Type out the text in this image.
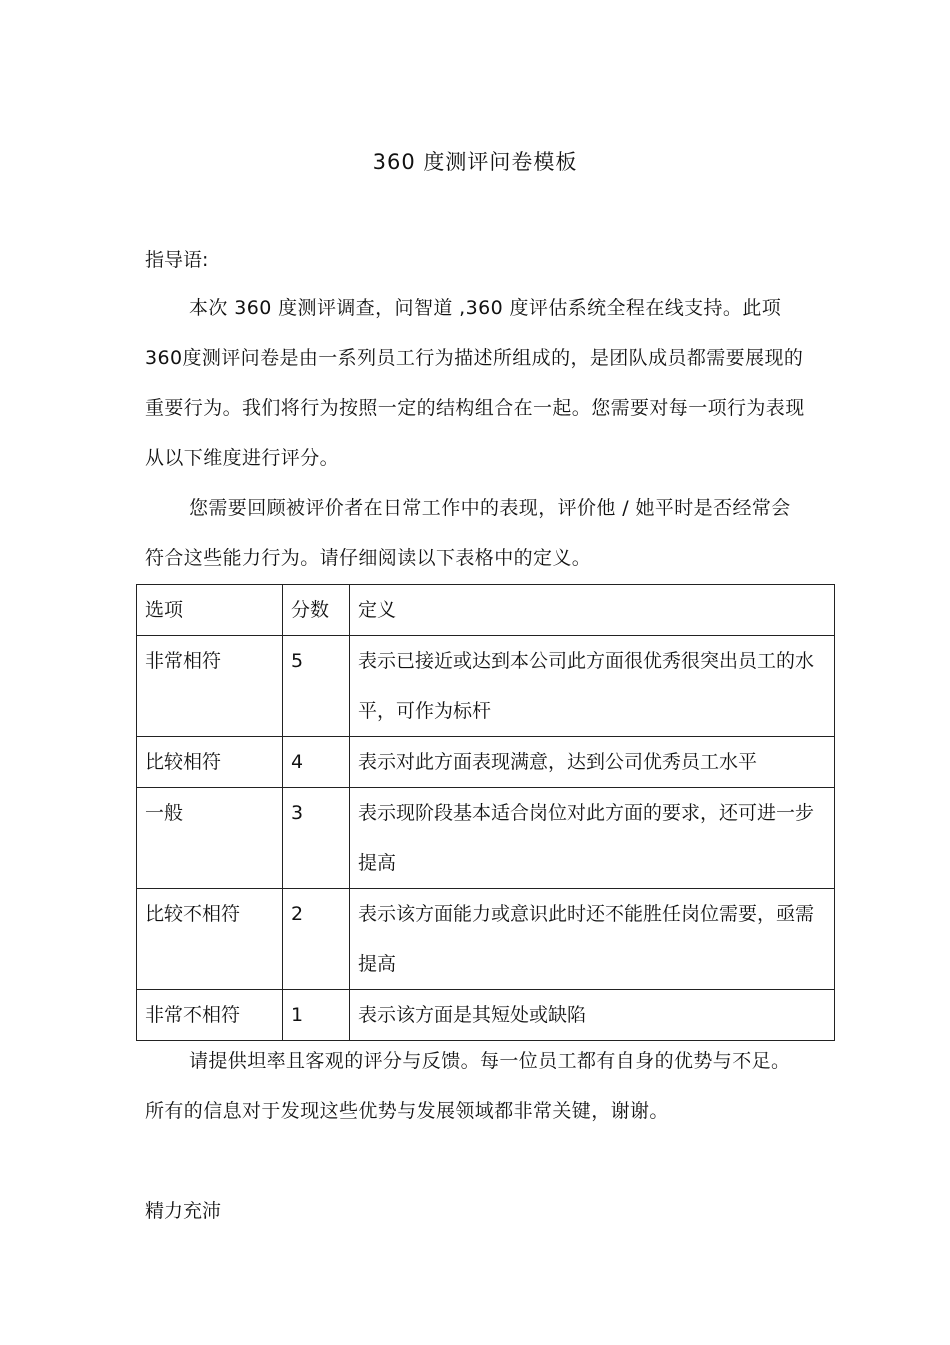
360 度测评问卷模板
指导语:
本次 360 度测评调查，问智道 ,360 度评估系统全程在线支持。此项 360度测评问卷是由一系列员工行为描述所组成的，是团队成员都需要展现的重要行为。我们将行为按照一定的结构组合在一起。您需要对每一项行为表现从以下维度进行评分。
您需要回顾被评价者在日常工作中的表现，评价他 / 她平时是否经常会符合这些能力行为。请仔细阅读以下表格中的定义。
选项	分数	定义
非常相符	5	表示已接近或达到本公司此方面很优秀很突出员工的水平，可作为标杆
比较相符	4	表示对此方面表现满意，达到公司优秀员工水平
一般	3	表示现阶段基本适合岗位对此方面的要求，还可进一步提高
比较不相符	2	表示该方面能力或意识此时还不能胜任岗位需要，亟需提高
非常不相符	1	表示该方面是其短处或缺陷
请提供坦率且客观的评分与反馈。每一位员工都有自身的优势与不足。所有的信息对于发现这些优势与发展领域都非常关键，谢谢。
精力充沛
